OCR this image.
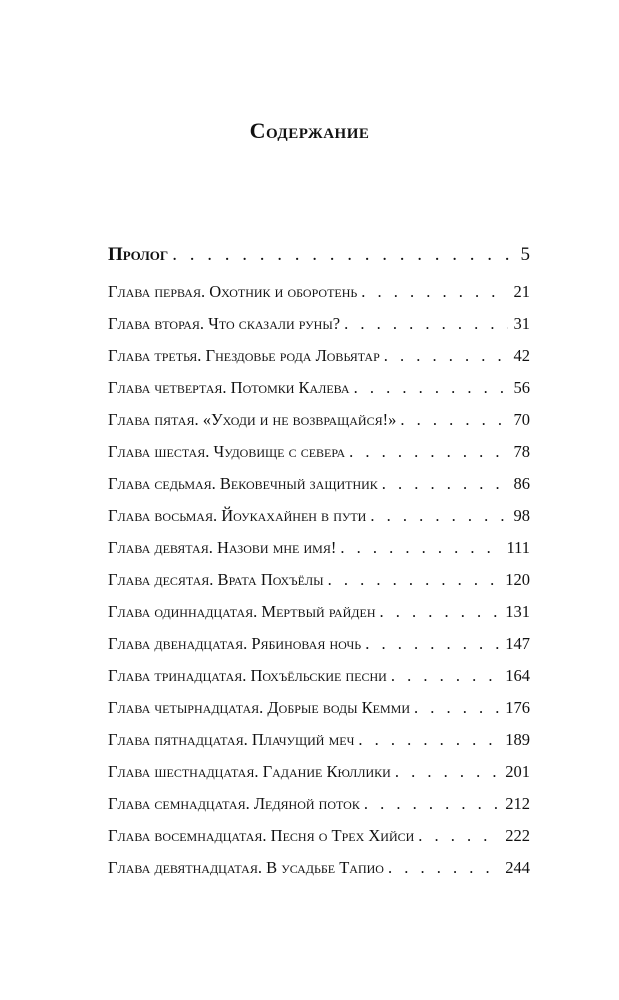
Содержание
Пролог . . .	5
Глава первая. Охотник и оборотень . . .	21
Глава вторая. Что сказали руны? . . .	31
Глава третья. Гнездовье рода Ловьятар . . .	42
Глава четвертая. Потомки Калева . . .	56
Глава пятая. «Уходи и не возвращайся!» . . .	70
Глава шестая. Чудовище с севера . . .	78
Глава седьмая. Вековечный защитник . . .	86
Глава восьмая. Йоукахайнен в пути . . .	98
Глава девятая. Назови мне имя! . . .	111
Глава десятая. Врата Похъёлы . . .	120
Глава одиннадцатая. Мертвый райден . . .	131
Глава двенадцатая. Рябиновая ночь . . .	147
Глава тринадцатая. Похъёльские песни . . .	164
Глава четырнадцатая. Добрые воды Кемми . . .	176
Глава пятнадцатая. Плачущий меч . . .	189
Глава шестнадцатая. Гадание Кюллики . . .	201
Глава семнадцатая. Ледяной поток . . .	212
Глава восемнадцатая. Песня о Трех Хийси . . .	222
Глава девятнадцатая. В усадьбе Тапио . . .	244
